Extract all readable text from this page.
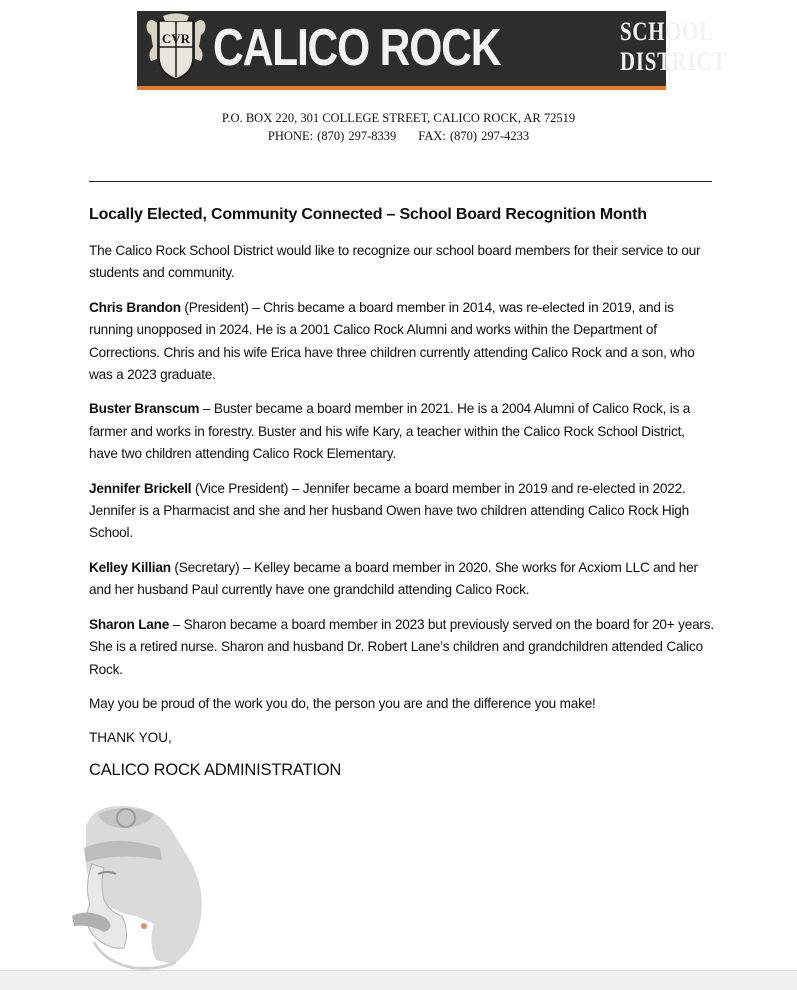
CVR CALICO ROCK	SCHOOL
DISTRICT
P.O. BOX 220, 301 COLLEGE STREET, CALICO ROCK, AR 72519
PHONE: (870) 297-8339 FAX: (870) 297-4233
Locally Elected, Community Connected – School Board Recognition Month

The Calico Rock School District would like to recognize our school board members for their service to our students and community.

Chris Brandon (President) – Chris became a board member in 2014, was re-elected in 2019, and is running unopposed in 2024. He is a 2001 Calico Rock Alumni and works within the Department of Corrections. Chris and his wife Erica have three children currently attending Calico Rock and a son, who was a 2023 graduate.

Buster Branscum – Buster became a board member in 2021. He is a 2004 Alumni of Calico Rock, is a farmer and works in forestry. Buster and his wife Kary, a teacher within the Calico Rock School District, have two children attending Calico Rock Elementary.

Jennifer Brickell (Vice President) – Jennifer became a board member in 2019 and re-elected in 2022. Jennifer is a Pharmacist and she and her husband Owen have two children attending Calico Rock High School.

Kelley Killian (Secretary) – Kelley became a board member in 2020. She works for Acxiom LLC and her and her husband Paul currently have one grandchild attending Calico Rock.

Sharon Lane – Sharon became a board member in 2023 but previously served on the board for 20+ years. She is a retired nurse. Sharon and husband Dr. Robert Lane’s children and grandchildren attended Calico Rock.

May you be proud of the work you do, the person you are and the difference you make!

THANK YOU,

CALICO ROCK ADMINISTRATION
